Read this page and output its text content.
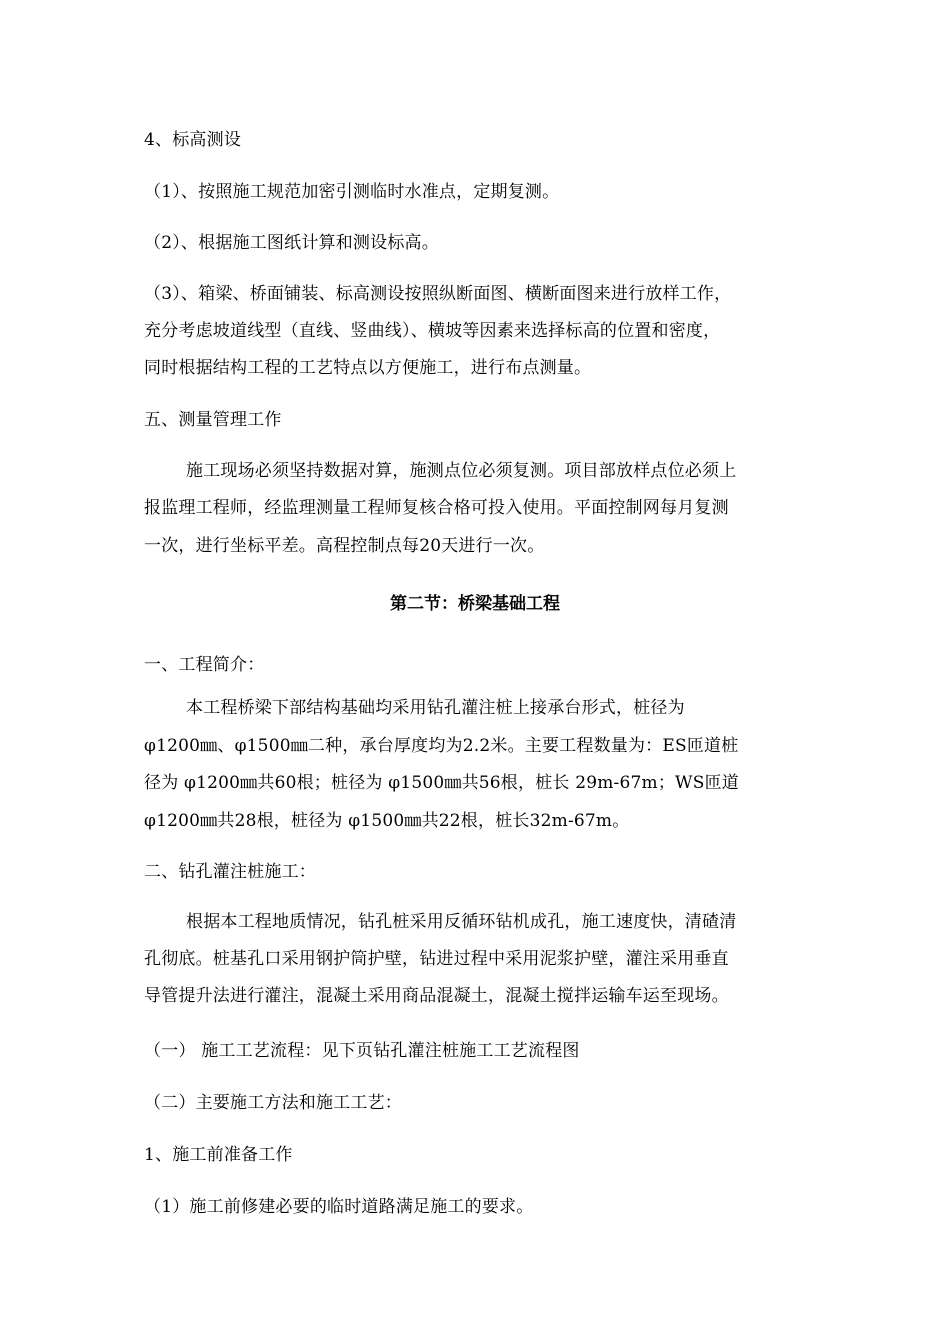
4、标高测设
（1）、按照施工规范加密引测临时水准点，定期复测。
（2）、根据施工图纸计算和测设标高。
（3）、箱梁、桥面铺装、标高测设按照纵断面图、横断面图来进行放样工作，
充分考虑坡道线型（直线、竖曲线）、横坡等因素来选择标高的位置和密度，
同时根据结构工程的工艺特点以方便施工，进行布点测量。
五、测量管理工作
施工现场必须坚持数据对算，施测点位必须复测。项目部放样点位必须上
报监理工程师，经监理测量工程师复核合格可投入使用。平面控制网每月复测
一次，进行坐标平差。高程控制点每20天进行一次。
第二节：桥梁基础工程
一、工程简介：
本工程桥梁下部结构基础均采用钻孔灌注桩上接承台形式，桩径为
φ1200㎜、φ1500㎜二种，承台厚度均为2.2米。主要工程数量为：ES匝道桩
径为 φ1200㎜共60根；桩径为 φ1500㎜共56根，桩长 29m-67m；WS匝道
φ1200㎜共28根，桩径为 φ1500㎜共22根，桩长32m-67m。
二、钻孔灌注桩施工：
根据本工程地质情况，钻孔桩采用反循环钻机成孔，施工速度快，清碴清
孔彻底。桩基孔口采用钢护筒护壁，钻进过程中采用泥浆护壁，灌注采用垂直
导管提升法进行灌注，混凝土采用商品混凝土，混凝土搅拌运输车运至现场。
（一） 施工工艺流程：见下页钻孔灌注桩施工工艺流程图
（二）主要施工方法和施工工艺：
1、施工前准备工作
（1）施工前修建必要的临时道路满足施工的要求。
